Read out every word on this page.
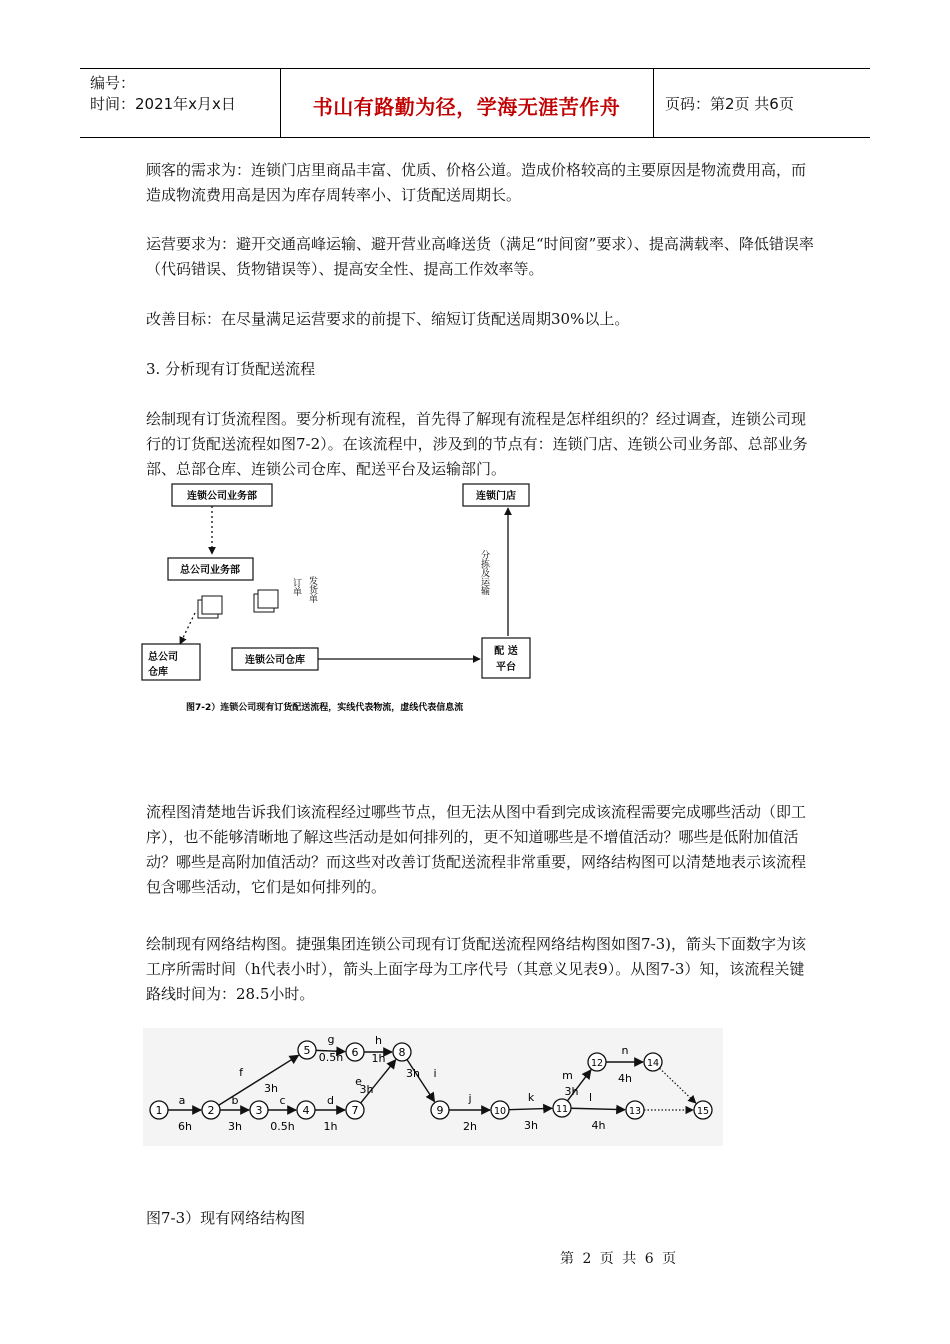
编号：
时间：2021年x月x日	书山有路勤为径，学海无涯苦作舟	页码：第2页 共6页

顾客的需求为：连锁门店里商品丰富、优质、价格公道。造成价格较高的主要原因是物流费用高，而造成物流费用高是因为库存周转率小、订货配送周期长。

运营要求为：避开交通高峰运输、避开营业高峰送货（满足“时间窗”要求）、提高满载率、降低错误率（代码错误、货物错误等）、提高安全性、提高工作效率等。

改善目标：在尽量满足运营要求的前提下、缩短订货配送周期30%以上。

3. 分析现有订货配送流程

绘制现有订货流程图。要分析现有流程，首先得了解现有流程是怎样组织的？经过调查，连锁公司现行的订货配送流程如图7-2）。在该流程中，涉及到的节点有：连锁门店、连锁公司业务部、总部业务部、总部仓库、连锁公司仓库、配送平台及运输部门。

连锁公司业务部
总公司业务部
订单 发货单	分拣及运输
总公司
仓库
连锁公司仓库
连锁门店
配 送
平台
图7-2）连锁公司现有订货配送流程，实线代表物流，虚线代表信息流

流程图清楚地告诉我们该流程经过哪些节点，但无法从图中看到完成该流程需要完成哪些活动（即工序），也不能够清晰地了解这些活动是如何排列的，更不知道哪些是不增值活动？哪些是低附加值活动？哪些是高附加值活动？而这些对改善订货配送流程非常重要，网络结构图可以清楚地表示该流程包含哪些活动，它们是如何排列的。

绘制现有网络结构图。捷强集团连锁公司现有订货配送流程网络结构图如图7-3)，箭头下面数字为该工序所需时间（h代表小时），箭头上面字母为工序代号（其意义见表9）。从图7-3）知，该流程关键路线时间为：28.5小时。

a
6h
b
3h
c
0.5h
d
1h
f
3h
g
0.5h
h
1h
e
3h
i
3h
j
2h
k
3h
m
3h
n
4h
l
4h
1	2	3	4
5	6
7
8
9	10	11
12
13
14
15

图7-3）现有网络结构图

第 2 页 共 6 页
